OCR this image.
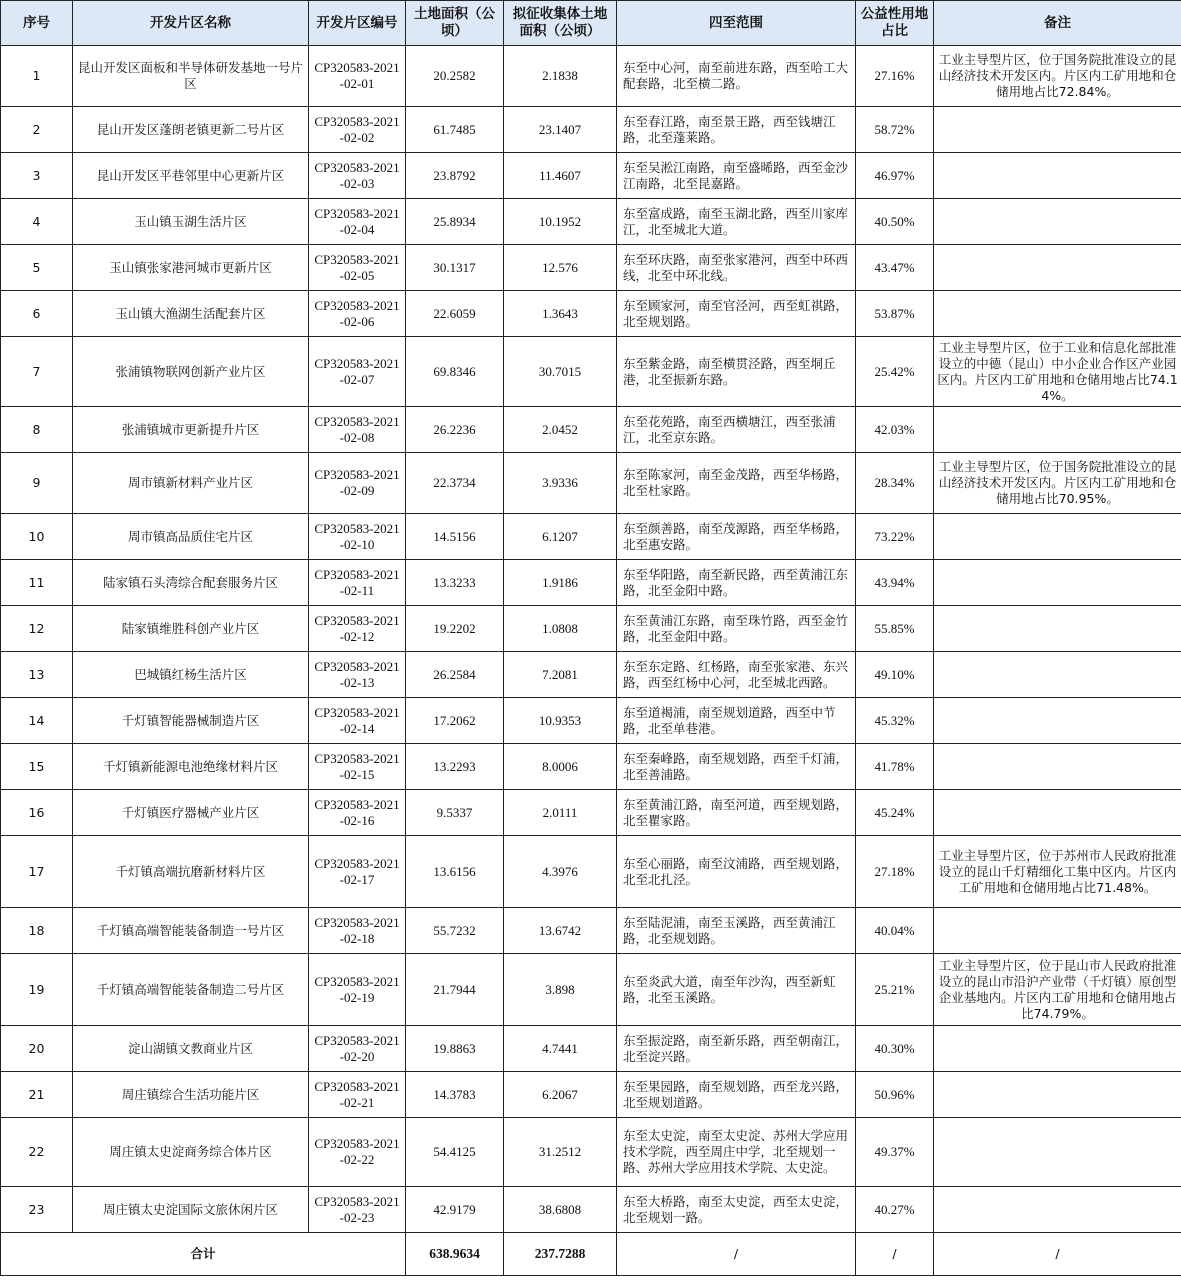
序号	开发片区名称	开发片区编号	土地面积（公顷）	拟征收集体土地面积（公顷）	四至范围	公益性用地占比	备注
1	昆山开发区面板和半导体研发基地一号片区	CP320583-2021-02-01	20.2582	2.1838	东至中心河，南至前进东路，西至哈工大配套路，北至横二路。	27.16%	工业主导型片区，位于国务院批准设立的昆山经济技术开发区内。片区内工矿用地和仓储用地占比72.84%。
2	昆山开发区蓬朗老镇更新二号片区	CP320583-2021-02-02	61.7485	23.1407	东至春江路，南至景王路，西至钱塘江路，北至蓬莱路。	58.72%	
3	昆山开发区平巷邻里中心更新片区	CP320583-2021-02-03	23.8792	11.4607	东至吴淞江南路，南至盛晞路，西至金沙江南路，北至昆嘉路。	46.97%	
4	玉山镇玉湖生活片区	CP320583-2021-02-04	25.8934	10.1952	东至富成路，南至玉湖北路，西至川家库江，北至城北大道。	40.50%	
5	玉山镇张家港河城市更新片区	CP320583-2021-02-05	30.1317	12.576	东至环庆路，南至张家港河，西至中环西线，北至中环北线。	43.47%	
6	玉山镇大渔湖生活配套片区	CP320583-2021-02-06	22.6059	1.3643	东至顾家河，南至官泾河，西至虹祺路，北至规划路。	53.87%	
7	张浦镇物联网创新产业片区	CP320583-2021-02-07	69.8346	30.7015	东至紫金路，南至横贯泾路，西至垌丘港，北至振新东路。	25.42%	工业主导型片区，位于工业和信息化部批准设立的中德（昆山）中小企业合作区产业园区内。片区内工矿用地和仓储用地占比74.14%。
8	张浦镇城市更新提升片区	CP320583-2021-02-08	26.2236	2.0452	东至花苑路，南至西横塘江，西至张浦江，北至京东路。	42.03%	
9	周市镇新材料产业片区	CP320583-2021-02-09	22.3734	3.9336	东至陈家河，南至金茂路，西至华杨路，北至杜家路。	28.34%	工业主导型片区，位于国务院批准设立的昆山经济技术开发区内。片区内工矿用地和仓储用地占比70.95%。
10	周市镇高品质住宅片区	CP320583-2021-02-10	14.5156	6.1207	东至颜善路，南至茂源路，西至华杨路，北至惠安路。	73.22%	
11	陆家镇石头湾综合配套服务片区	CP320583-2021-02-11	13.3233	1.9186	东至华阳路，南至新民路，西至黄浦江东路，北至金阳中路。	43.94%	
12	陆家镇维胜科创产业片区	CP320583-2021-02-12	19.2202	1.0808	东至黄浦江东路，南至珠竹路，西至金竹路，北至金阳中路。	55.85%	
13	巴城镇红杨生活片区	CP320583-2021-02-13	26.2584	7.2081	东至东定路、红杨路，南至张家港、东兴路，西至红杨中心河，北至城北西路。	49.10%	
14	千灯镇智能器械制造片区	CP320583-2021-02-14	17.2062	10.9353	东至道褐浦，南至规划道路，西至中节路，北至单巷港。	45.32%	
15	千灯镇新能源电池绝缘材料片区	CP320583-2021-02-15	13.2293	8.0006	东至秦峰路，南至规划路，西至千灯浦，北至善浦路。	41.78%	
16	千灯镇医疗器械产业片区	CP320583-2021-02-16	9.5337	2.0111	东至黄浦江路，南至河道，西至规划路，北至瞿家路。	45.24%	
17	千灯镇高端抗磨新材料片区	CP320583-2021-02-17	13.6156	4.3976	东至心丽路，南至汶浦路，西至规划路，北至北扎泾。	27.18%	工业主导型片区，位于苏州市人民政府批准设立的昆山千灯精细化工集中区内。片区内工矿用地和仓储用地占比71.48%。
18	千灯镇高端智能装备制造一号片区	CP320583-2021-02-18	55.7232	13.6742	东至陆泥浦，南至玉溪路，西至黄浦江路，北至规划路。	40.04%	
19	千灯镇高端智能装备制造二号片区	CP320583-2021-02-19	21.7944	3.898	东至炎武大道，南至年沙沟，西至新虹路，北至玉溪路。	25.21%	工业主导型片区，位于昆山市人民政府批准设立的昆山市沿沪产业带（千灯镇）原创型企业基地内。片区内工矿用地和仓储用地占比74.79%。
20	淀山湖镇文教商业片区	CP320583-2021-02-20	19.8863	4.7441	东至振淀路，南至新乐路，西至朝南江，北至淀兴路。	40.30%	
21	周庄镇综合生活功能片区	CP320583-2021-02-21	14.3783	6.2067	东至果园路，南至规划路，西至龙兴路，北至规划道路。	50.96%	
22	周庄镇太史淀商务综合体片区	CP320583-2021-02-22	54.4125	31.2512	东至太史淀，南至太史淀、苏州大学应用技术学院，西至周庄中学，北至规划一路、苏州大学应用技术学院、太史淀。	49.37%	
23	周庄镇太史淀国际文旅休闲片区	CP320583-2021-02-23	42.9179	38.6808	东至大桥路，南至太史淀，西至太史淀，北至规划一路。	40.27%	
合计			638.9634	237.7288	/	/	/
